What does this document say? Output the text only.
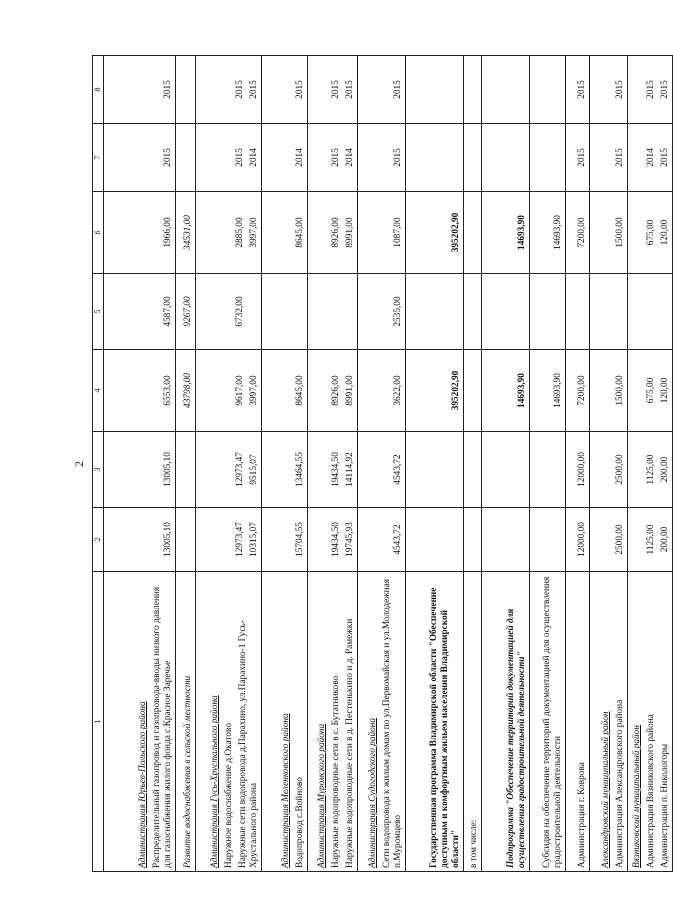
2
1	2	3	4	5	6	7	8

Администрация Юрьев-Польского района Распределительный газопровод и газопровода-вводы низкого давления для газоснабжения жилого фонда с.Красное Заречье	13005,10	13005,10	6553,00	4587,00	1966,00	2015	2015

Развитие водоснабжения в сельской местности			43798,00	9267,00	34531,00		

Администрация Гусь-Хрустального района Наружное водоснабжение д.Окатово Наружные сети водопровода д.Парахино, ул.Парахино-1 Гусь-Хрустального района	12973,47 10315,07	12973,47 9515,07	9617,00 3997,00	6732,00	2885,00 3997,00	2015 2014	2015 2015

Администрация Меленковского района Водопровод с.Войново	15704,55	13464,55	8645,00		8645,00	2014	2015

Администрация Муромского района Наружные водопроводные сети в с. Бутатниково Наружные водопроводные сети в д. Пестенькино и д. Рамежки	19434,50 19745,93	19434,50 14114,92	8926,00 8991,00		8926,00 8991,00	2015 2014	2015 2015

Администрация Судогодского района Сети водопровода к жилым домам по ул.Первомайская и ул.Молодежная п.Муромцево	4543,72	4543,72	3622,00	2535,00	1087,00	2015	2015

Государственная программа Владимирской области "Обеспечение доступным и комфортным жильем населения Владимирской области"			395202,90		395202,90		

в том числе:							

Подпрограмма "Обеспечение территорий документацией для осуществления градостроительной деятельности"			14693,90		14693,90		

Субсидия на обеспечение территорий документацией для осуществления градостроительной деятельности			14693,90		14693,90		

Администрация г. Коврова	12000,00	12000,00	7200,00		7200,00	2015	2015

Александровский муниципальный район Администрация Александровского района	2500,00	2500,00	1500,00		1500,00	2015	2015

Вязниковский муниципальный район Администрация Вязниковского района Администрация п. Никологоры	1125,00 200,00	1125,00 200,00	675,00 120,00		675,00 120,00	2014 2015	2015 2015
